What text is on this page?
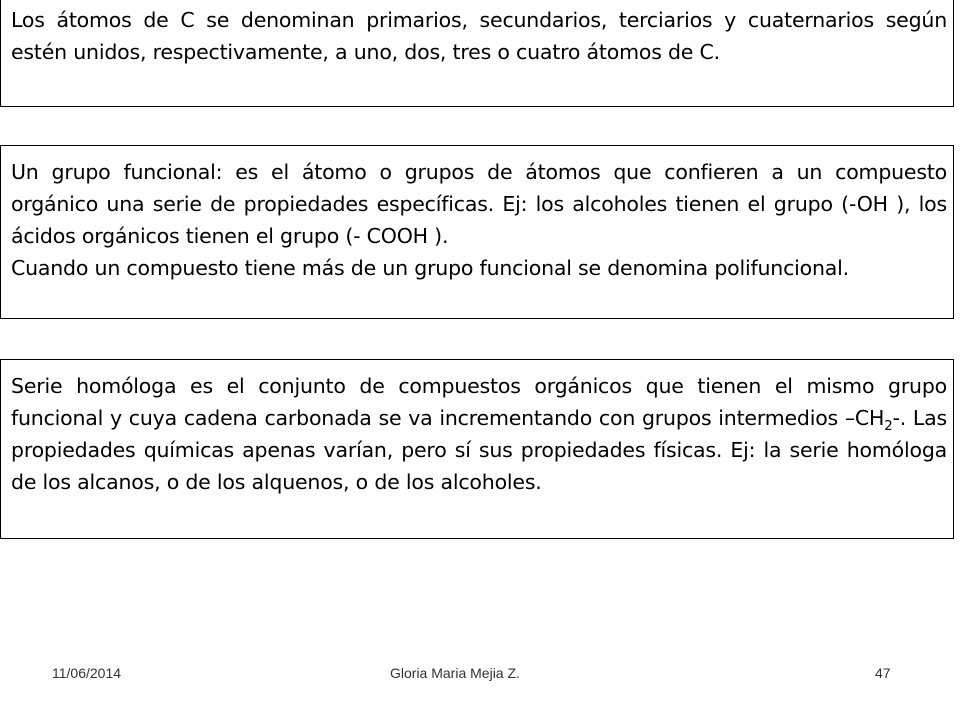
Los átomos de C se denominan primarios, secundarios, terciarios y cuaternarios según estén unidos, respectivamente, a uno, dos, tres o cuatro átomos de C.

Un grupo funcional: es el átomo o grupos de átomos que confieren a un compuesto orgánico una serie de propiedades específicas. Ej: los alcoholes tienen el grupo (-OH ), los ácidos orgánicos tienen el grupo (- COOH ).

Cuando un compuesto tiene más de un grupo funcional se denomina polifuncional.

Serie homóloga es el conjunto de compuestos orgánicos que tienen el mismo grupo funcional y cuya cadena carbonada se va incrementando con grupos intermedios $-CH_2-$. Las propiedades químicas apenas varían, pero sí sus propiedades físicas. Ej: la serie homóloga de los alcanos, o de los alquenos, o de los alcoholes.

11/06/2014	Gloria Maria Mejia Z.	47
